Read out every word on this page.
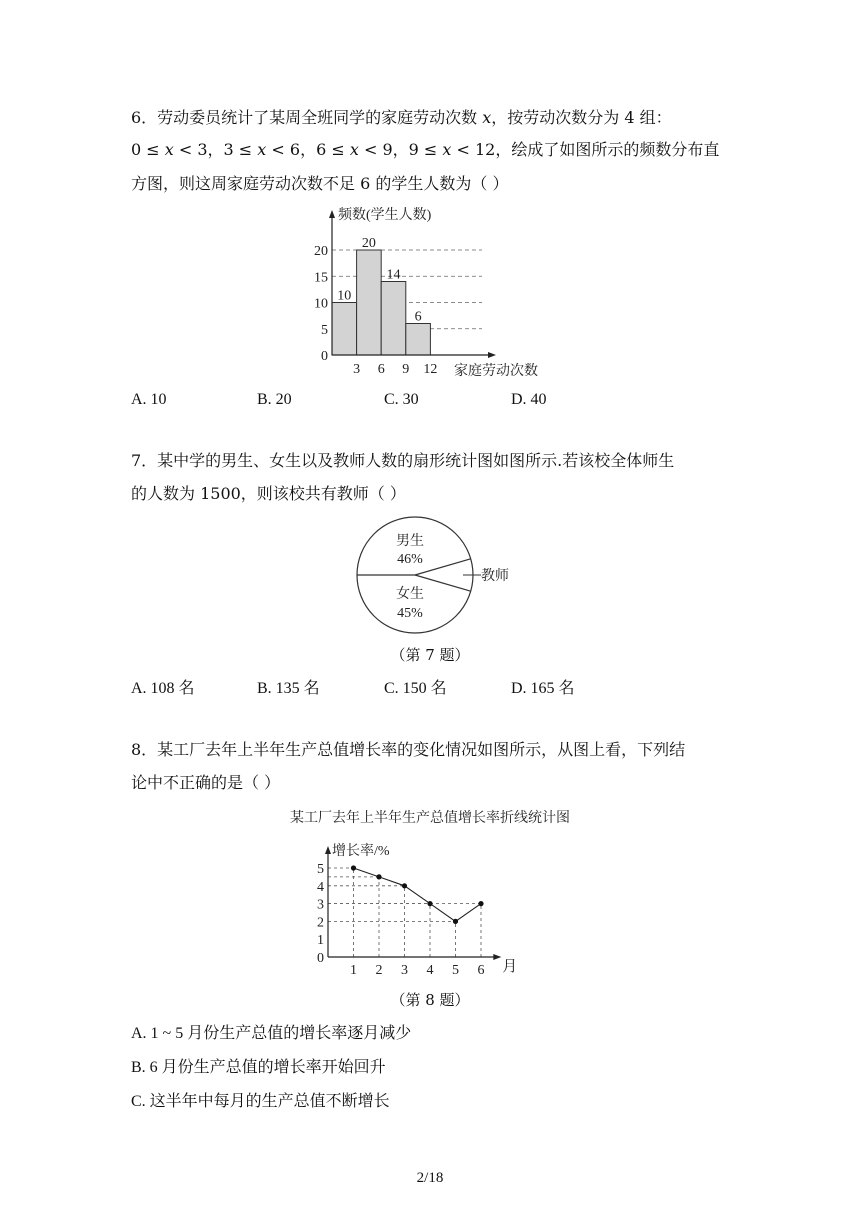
6．劳动委员统计了某周全班同学的家庭劳动次数 𝑥，按劳动次数分为 4 组：
0 ≤ 𝑥 < 3，3 ≤ 𝑥 < 6，6 ≤ 𝑥 < 9，9 ≤ 𝑥 < 12，绘成了如图所示的频数分布直
方图，则这周家庭劳动次数不足 6 的学生人数为（ ）
10
20
14
6
0
5
10
15
20
3 6 9 12
频数(学生人数)
家庭劳动次数
A. 10	B. 20	C. 30	D. 40
7．某中学的男生、女生以及教师人数的扇形统计图如图所示.若该校全体师生
的人数为 1500，则该校共有教师（ ）
男生
46%
女生
45%
教师
（第 7 题）
A. 108 名	B. 135 名	C. 150 名	D. 165 名
8．某工厂去年上半年生产总值增长率的变化情况如图所示，从图上看，下列结
论中不正确的是（ ）
某工厂去年上半年生产总值增长率折线统计图
0
1
2
3
4
5
1 2 3 4 5 6
增长率/%
月
（第 8 题）
A. 1 ~ 5 月份生产总值的增长率逐月减少
B. 6 月份生产总值的增长率开始回升
C. 这半年中每月的生产总值不断增长
2/18
